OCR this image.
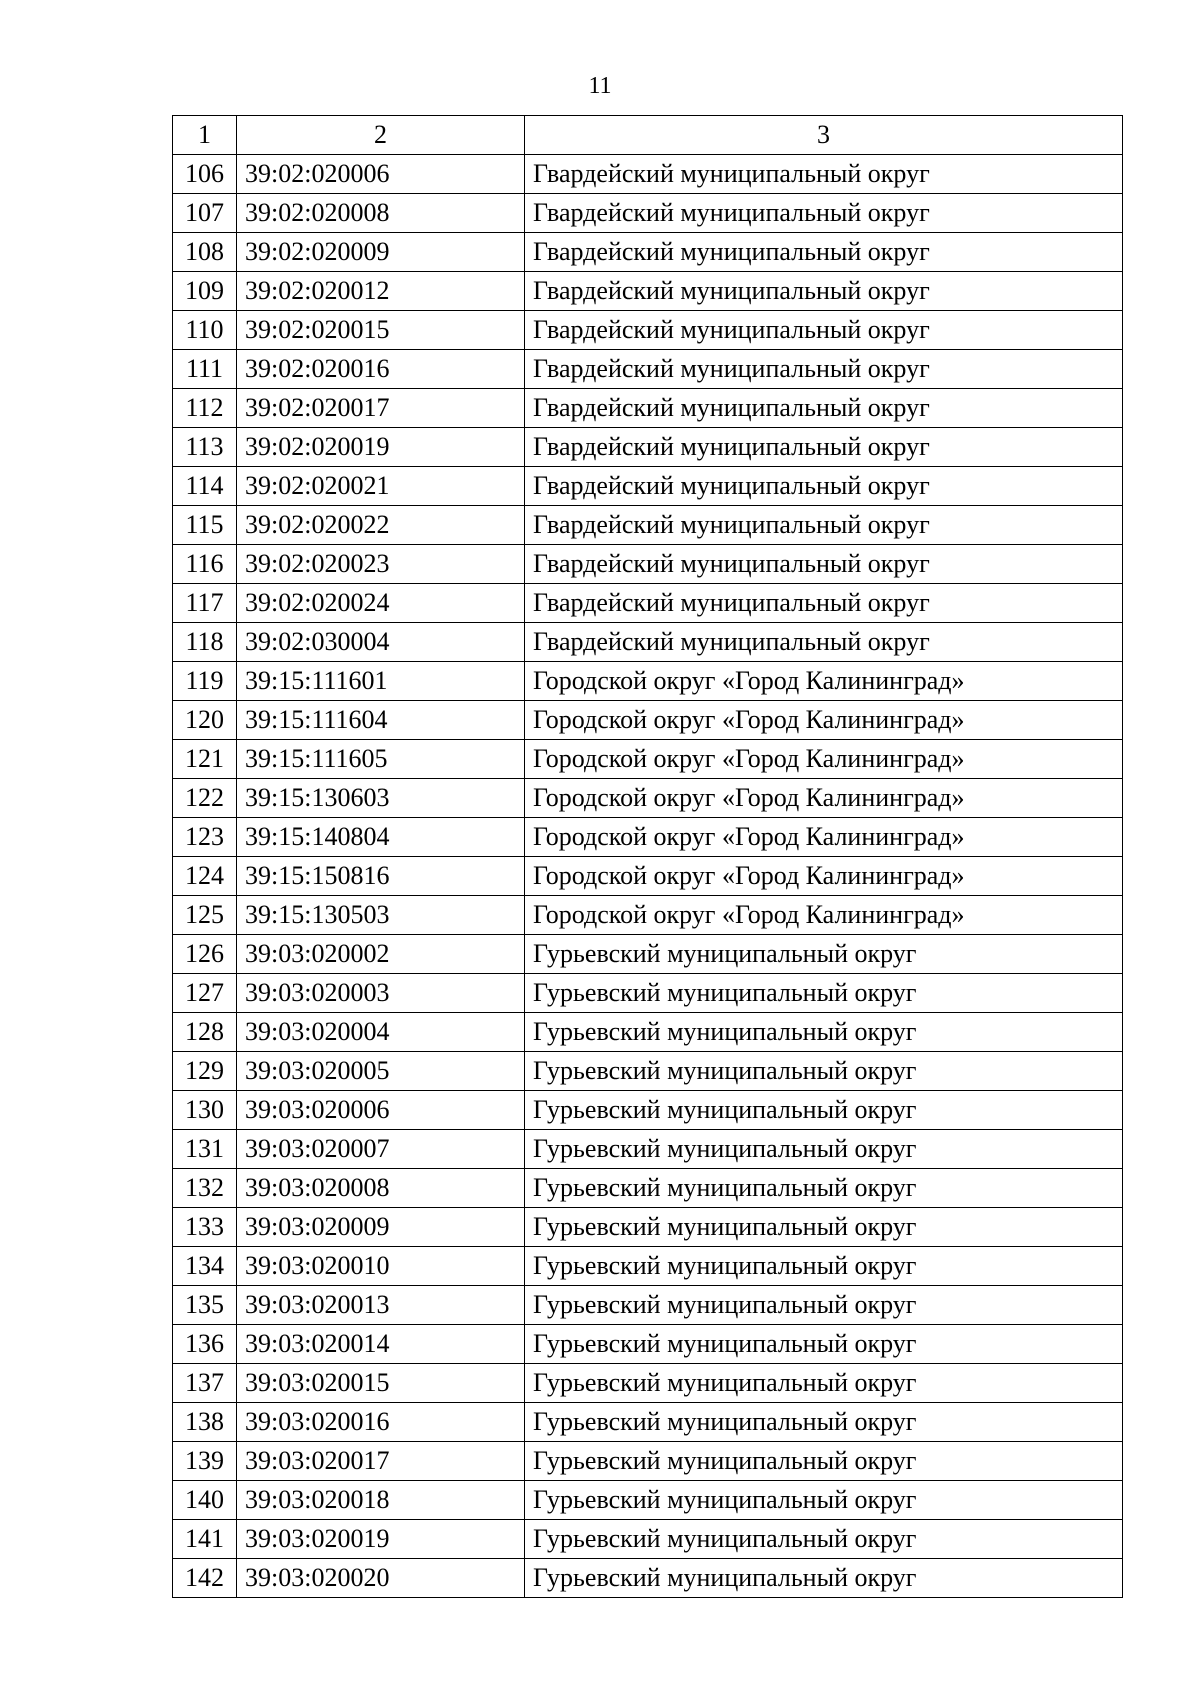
11
1	2	3
106	39:02:020006	Гвардейский муниципальный округ
107	39:02:020008	Гвардейский муниципальный округ
108	39:02:020009	Гвардейский муниципальный округ
109	39:02:020012	Гвардейский муниципальный округ
110	39:02:020015	Гвардейский муниципальный округ
111	39:02:020016	Гвардейский муниципальный округ
112	39:02:020017	Гвардейский муниципальный округ
113	39:02:020019	Гвардейский муниципальный округ
114	39:02:020021	Гвардейский муниципальный округ
115	39:02:020022	Гвардейский муниципальный округ
116	39:02:020023	Гвардейский муниципальный округ
117	39:02:020024	Гвардейский муниципальный округ
118	39:02:030004	Гвардейский муниципальный округ
119	39:15:111601	Городской округ «Город Калининград»
120	39:15:111604	Городской округ «Город Калининград»
121	39:15:111605	Городской округ «Город Калининград»
122	39:15:130603	Городской округ «Город Калининград»
123	39:15:140804	Городской округ «Город Калининград»
124	39:15:150816	Городской округ «Город Калининград»
125	39:15:130503	Городской округ «Город Калининград»
126	39:03:020002	Гурьевский муниципальный округ
127	39:03:020003	Гурьевский муниципальный округ
128	39:03:020004	Гурьевский муниципальный округ
129	39:03:020005	Гурьевский муниципальный округ
130	39:03:020006	Гурьевский муниципальный округ
131	39:03:020007	Гурьевский муниципальный округ
132	39:03:020008	Гурьевский муниципальный округ
133	39:03:020009	Гурьевский муниципальный округ
134	39:03:020010	Гурьевский муниципальный округ
135	39:03:020013	Гурьевский муниципальный округ
136	39:03:020014	Гурьевский муниципальный округ
137	39:03:020015	Гурьевский муниципальный округ
138	39:03:020016	Гурьевский муниципальный округ
139	39:03:020017	Гурьевский муниципальный округ
140	39:03:020018	Гурьевский муниципальный округ
141	39:03:020019	Гурьевский муниципальный округ
142	39:03:020020	Гурьевский муниципальный округ
